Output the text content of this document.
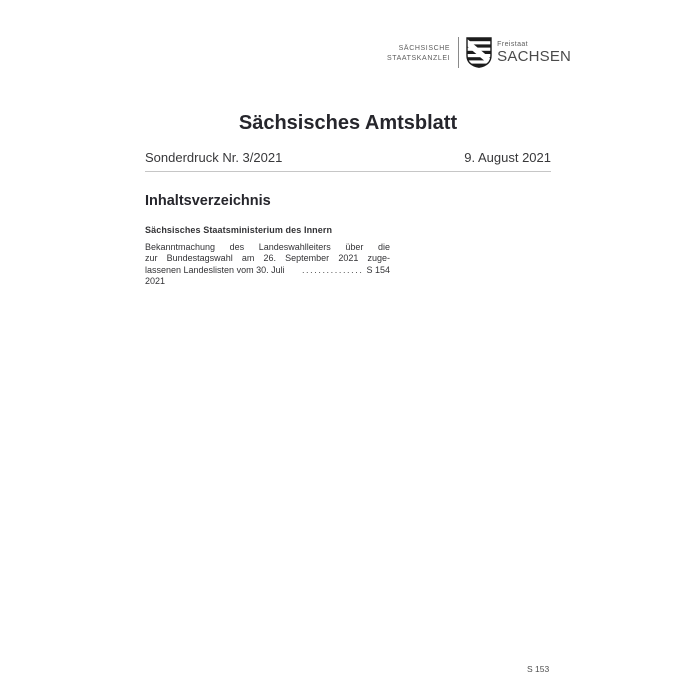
SÄCHSISCHE
STAATSKANZLEI
Freistaat
SACHSEN
Sächsisches Amtsblatt
Sonderdruck Nr. 3/2021	9. August 2021
Inhaltsverzeichnis
Sächsisches Staatsministerium des Innern
Bekanntmachung des Landeswahlleiters über die
zur Bundestagswahl am 26. September 2021 zuge-
lassenen Landeslisten vom 30. Juli 2021
............... S 154
S 153
